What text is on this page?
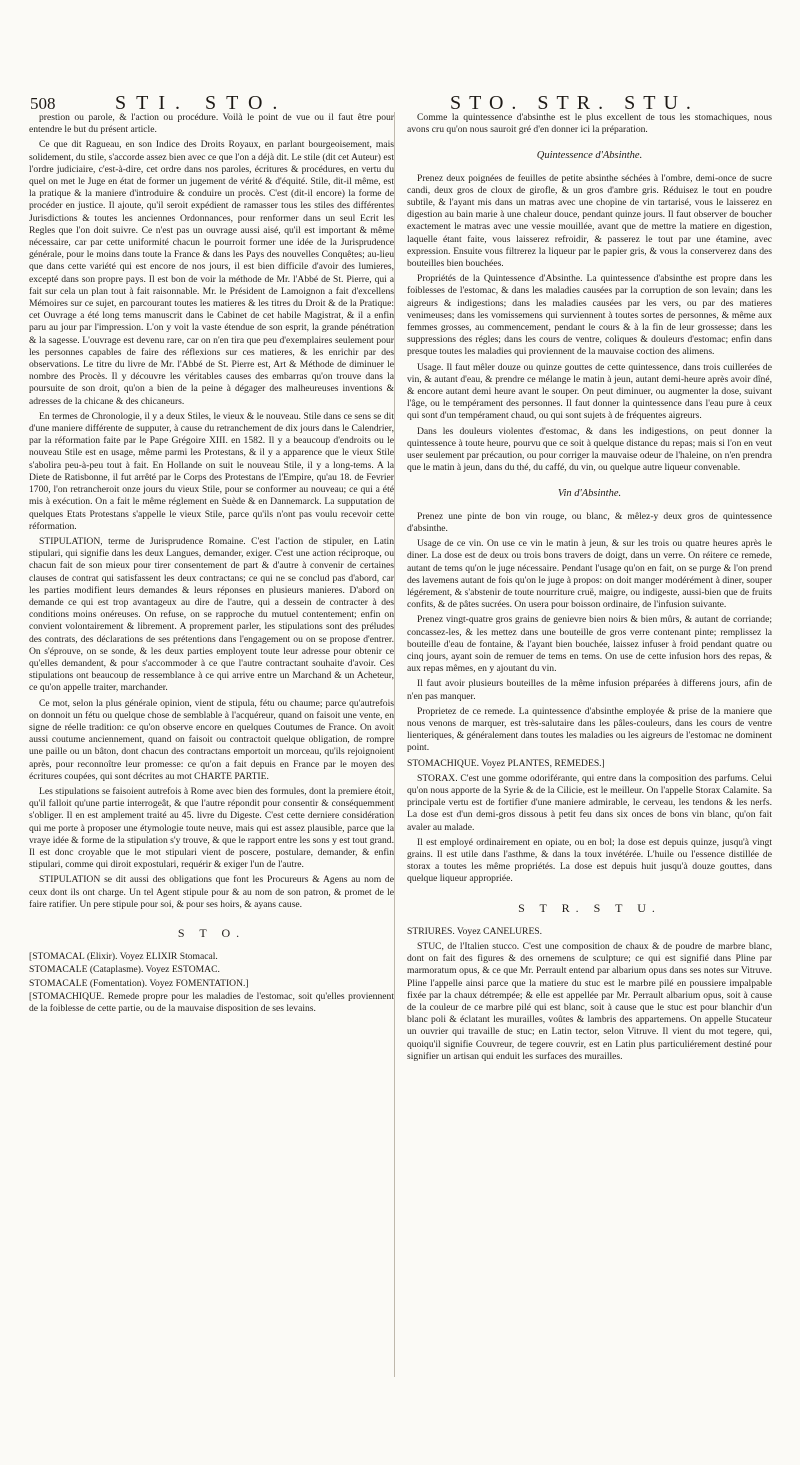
508	STI. STO.	STO. STR. STU.

prestion ou parole, & l'action ou procédure. Voilà le point de vue ou il faut être pour entendre le but du présent article.

Ce que dit Ragueau, en son Indice des Droits Royaux, en parlant bourgeoisement, mais solidement, du stile, s'accorde assez bien avec ce que l'on a déjà dit. Le stile (dit cet Auteur) est l'ordre judiciaire, c'est-à-dire, cet ordre dans nos paroles, écritures & procédures, en vertu du quel on met le Juge en état de former un jugement de vérité & d'équité. Stile, dit-il même, est la pratique & la maniere d'introduire & conduire un procès. C'est (dit-il encore) la forme de procéder en justice. Il ajoute, qu'il seroit expédient de ramasser tous les stiles des différentes Jurisdictions & toutes les anciennes Ordonnances, pour renformer dans un seul Ecrit les Regles que l'on doit suivre. Ce n'est pas un ouvrage aussi aisé, qu'il est important & même nécessaire, car par cette uniformité chacun le pourroit former une idée de la Jurisprudence générale, pour le moins dans toute la France & dans les Pays des nouvelles Conquêtes; au-lieu que dans cette variété qui est encore de nos jours, il est bien difficile d'avoir des lumieres, excepté dans son propre pays. Il est bon de voir la méthode de Mr. l'Abbé de St. Pierre, qui a fait sur cela un plan tout à fait raisonnable. Mr. le Président de Lamoignon a fait d'excellens Mémoires sur ce sujet, en parcourant toutes les matieres & les titres du Droit & de la Pratique: cet Ouvrage a été long tems manuscrit dans le Cabinet de cet habile Magistrat, & il a enfin paru au jour par l'impression. L'on y voit la vaste étendue de son esprit, la grande pénétration & la sagesse. L'ouvrage est devenu rare, car on n'en tira que peu d'exemplaires seulement pour les personnes capables de faire des réflexions sur ces matieres, & les enrichir par des observations. Le titre du livre de Mr. l'Abbé de St. Pierre est, Art & Méthode de diminuer le nombre des Procès. Il y découvre les véritables causes des embarras qu'on trouve dans la poursuite de son droit, qu'on a bien de la peine à dégager des malheureuses inventions & adresses de la chicane & des chicaneurs.

En termes de Chronologie, il y a deux Stiles, le vieux & le nouveau. Stile dans ce sens se dit d'une maniere différente de supputer, à cause du retranchement de dix jours dans le Calendrier, par la réformation faite par le Pape Grégoire XIII. en 1582. Il y a beaucoup d'endroits ou le nouveau Stile est en usage, même parmi les Protestans, & il y a apparence que le vieux Stile s'abolira peu-à-peu tout à fait. En Hollande on suit le nouveau Stile, il y a long-tems. A la Diete de Ratisbonne, il fut arrêté par le Corps des Protestans de l'Empire, qu'au 18. de Fevrier 1700, l'on retrancheroit onze jours du vieux Stile, pour se conformer au nouveau; ce qui a été mis à exécution. On a fait le même réglement en Suède & en Dannemarck. La supputation de quelques Etats Protestans s'appelle le vieux Stile, parce qu'ils n'ont pas voulu recevoir cette réformation.

STIPULATION, terme de Jurisprudence Romaine. C'est l'action de stipuler, en Latin stipulari, qui signifie dans les deux Langues, demander, exiger. C'est une action réciproque, ou chacun fait de son mieux pour tirer consentement de part & d'autre à convenir de certaines clauses de contrat qui satisfassent les deux contractans; ce qui ne se conclud pas d'abord, car les parties modifient leurs demandes & leurs réponses en plusieurs manieres. D'abord on demande ce qui est trop avantageux au dire de l'autre, qui a dessein de contracter à des conditions moins onéreuses. On refuse, on se rapproche du mutuel contentement; enfin on convient volontairement & librement. A proprement parler, les stipulations sont des préludes des contrats, des déclarations de ses prétentions dans l'engagement ou on se propose d'entrer. On s'éprouve, on se sonde, & les deux parties employent toute leur adresse pour obtenir ce qu'elles demandent, & pour s'accommoder à ce que l'autre contractant souhaite d'avoir. Ces stipulations ont beaucoup de ressemblance à ce qui arrive entre un Marchand & un Acheteur, ce qu'on appelle traiter, marchander.

Ce mot, selon la plus générale opinion, vient de stipula, fétu ou chaume; parce qu'autrefois on donnoit un fétu ou quelque chose de semblable à l'acquéreur, quand on faisoit une vente, en signe de réelle tradition: ce qu'on observe encore en quelques Coutumes de France. On avoit aussi coutume anciennement, quand on faisoit ou contractoit quelque obligation, de rompre une paille ou un bâton, dont chacun des contractans emportoit un morceau, qu'ils rejoignoient après, pour reconnoître leur promesse: ce qu'on a fait depuis en France par le moyen des écritures coupées, qui sont décrites au mot CHARTE PARTIE.

Les stipulations se faisoient autrefois à Rome avec bien des formules, dont la premiere étoit, qu'il falloit qu'une partie interrogeât, & que l'autre répondit pour consentir & conséquemment s'obliger. Il en est amplement traité au 45. livre du Digeste. C'est cette derniere considération qui me porte à proposer une étymologie toute neuve, mais qui est assez plausible, parce que la vraye idée & forme de la stipulation s'y trouve, & que le rapport entre les sons y est tout grand. Il est donc croyable que le mot stipulari vient de poscere, postulare, demander, & enfin stipulari, comme qui diroit expostulari, requérir & exiger l'un de l'autre.

STIPULATION se dit aussi des obligations que font les Procureurs & Agens au nom de ceux dont ils ont charge. Un tel Agent stipule pour & au nom de son patron, & promet de le faire ratifier. Un pere stipule pour soi, & pour ses hoirs, & ayans cause.

S T O.

[STOMACAL (Elixir). Voyez ELIXIR Stomacal.

STOMACALE (Cataplasme). Voyez ESTOMAC.

STOMACALE (Fomentation). Voyez FOMENTATION.]

[STOMACHIQUE. Remede propre pour les maladies de l'estomac, soit qu'elles proviennent de la foiblesse de cette partie, ou de la mauvaise disposition de ses levains.

Comme la quintessence d'absinthe est le plus excellent de tous les stomachiques, nous avons cru qu'on nous sauroit gré d'en donner ici la préparation.

Quintessence d'Absinthe.

Prenez deux poignées de feuilles de petite absinthe séchées à l'ombre, demi-once de sucre candi, deux gros de cloux de girofle, & un gros d'ambre gris. Réduisez le tout en poudre subtile, & l'ayant mis dans un matras avec une chopine de vin tartarisé, vous le laisserez en digestion au bain marie à une chaleur douce, pendant quinze jours. Il faut observer de boucher exactement le matras avec une vessie mouillée, avant que de mettre la matiere en digestion, laquelle étant faite, vous laisserez refroidir, & passerez le tout par une étamine, avec expression. Ensuite vous filtrerez la liqueur par le papier gris, & vous la conserverez dans des bouteilles bien bouchées.

Propriétés de la Quintessence d'Absinthe. La quintessence d'absinthe est propre dans les foiblesses de l'estomac, & dans les maladies causées par la corruption de son levain; dans les aigreurs & indigestions; dans les maladies causées par les vers, ou par des matieres venimeuses; dans les vomissemens qui surviennent à toutes sortes de personnes, & même aux femmes grosses, au commencement, pendant le cours & à la fin de leur grossesse; dans les suppressions des régles; dans les cours de ventre, coliques & douleurs d'estomac; enfin dans presque toutes les maladies qui proviennent de la mauvaise coction des alimens.

Usage. Il faut mêler douze ou quinze gouttes de cette quintessence, dans trois cuillerées de vin, & autant d'eau, & prendre ce mélange le matin à jeun, autant demi-heure après avoir dîné, & encore autant demi heure avant le souper. On peut diminuer, ou augmenter la dose, suivant l'âge, ou le tempérament des personnes. Il faut donner la quintessence dans l'eau pure à ceux qui sont d'un tempérament chaud, ou qui sont sujets à de fréquentes aigreurs.

Dans les douleurs violentes d'estomac, & dans les indigestions, on peut donner la quintessence à toute heure, pourvu que ce soit à quelque distance du repas; mais si l'on en veut user seulement par précaution, ou pour corriger la mauvaise odeur de l'haleine, on n'en prendra que le matin à jeun, dans du thé, du caffé, du vin, ou quelque autre liqueur convenable.

Vin d'Absinthe.

Prenez une pinte de bon vin rouge, ou blanc, & mêlez-y deux gros de quintessence d'absinthe.

Usage de ce vin. On use ce vin le matin à jeun, & sur les trois ou quatre heures après le diner. La dose est de deux ou trois bons travers de doigt, dans un verre. On réitere ce remede, autant de tems qu'on le juge nécessaire. Pendant l'usage qu'on en fait, on se purge & l'on prend des lavemens autant de fois qu'on le juge à propos: on doit manger modérément à diner, souper légérement, & s'abstenir de toute nourriture cruë, maigre, ou indigeste, aussi-bien que de fruits confits, & de pâtes sucrées. On usera pour boisson ordinaire, de l'infusion suivante.

Prenez vingt-quatre gros grains de genievre bien noirs & bien mûrs, & autant de corriande; concassez-les, & les mettez dans une bouteille de gros verre contenant pinte; remplissez la bouteille d'eau de fontaine, & l'ayant bien bouchée, laissez infuser à froid pendant quatre ou cinq jours, ayant soin de remuer de tems en tems. On use de cette infusion hors des repas, & aux repas mêmes, en y ajoutant du vin.

Il faut avoir plusieurs bouteilles de la même infusion préparées à differens jours, afin de n'en pas manquer.

Proprietez de ce remede. La quintessence d'absinthe employée & prise de la maniere que nous venons de marquer, est très-salutaire dans les pâles-couleurs, dans les cours de ventre lienteriques, & généralement dans toutes les maladies ou les aigreurs de l'estomac ne dominent point.

STOMACHIQUE. Voyez PLANTES, REMEDES.]

STORAX. C'est une gomme odoriférante, qui entre dans la composition des parfums. Celui qu'on nous apporte de la Syrie & de la Cilicie, est le meilleur. On l'appelle Storax Calamite. Sa principale vertu est de fortifier d'une maniere admirable, le cerveau, les tendons & les nerfs. La dose est d'un demi-gros dissous à petit feu dans six onces de bons vin blanc, qu'on fait avaler au malade.

Il est employé ordinairement en opiate, ou en bol; la dose est depuis quinze, jusqu'à vingt grains. Il est utile dans l'asthme, & dans la toux invétérée. L'huile ou l'essence distillée de storax a toutes les même propriétés. La dose est depuis huit jusqu'à douze gouttes, dans quelque liqueur appropriée.

S T R. S T U.

STRIURES. Voyez CANELURES.

STUC, de l'Italien stucco. C'est une composition de chaux & de poudre de marbre blanc, dont on fait des figures & des ornemens de sculpture; ce qui est signifié dans Pline par marmoratum opus, & ce que Mr. Perrault entend par albarium opus dans ses notes sur Vitruve. Pline l'appelle ainsi parce que la matiere du stuc est le marbre pilé en poussiere impalpable fixée par la chaux détrempée; & elle est appellée par Mr. Perrault albarium opus, soit à cause de la couleur de ce marbre pilé qui est blanc, soit à cause que le stuc est pour blanchir d'un blanc poli & éclatant les murailles, voûtes & lambris des appartemens. On appelle Stucateur un ouvrier qui travaille de stuc; en Latin tector, selon Vitruve. Il vient du mot tegere, qui, quoiqu'il signifie Couvreur, de tegere couvrir, est en Latin plus particuliérement destiné pour signifier un artisan qui enduit les surfaces des murailles.
